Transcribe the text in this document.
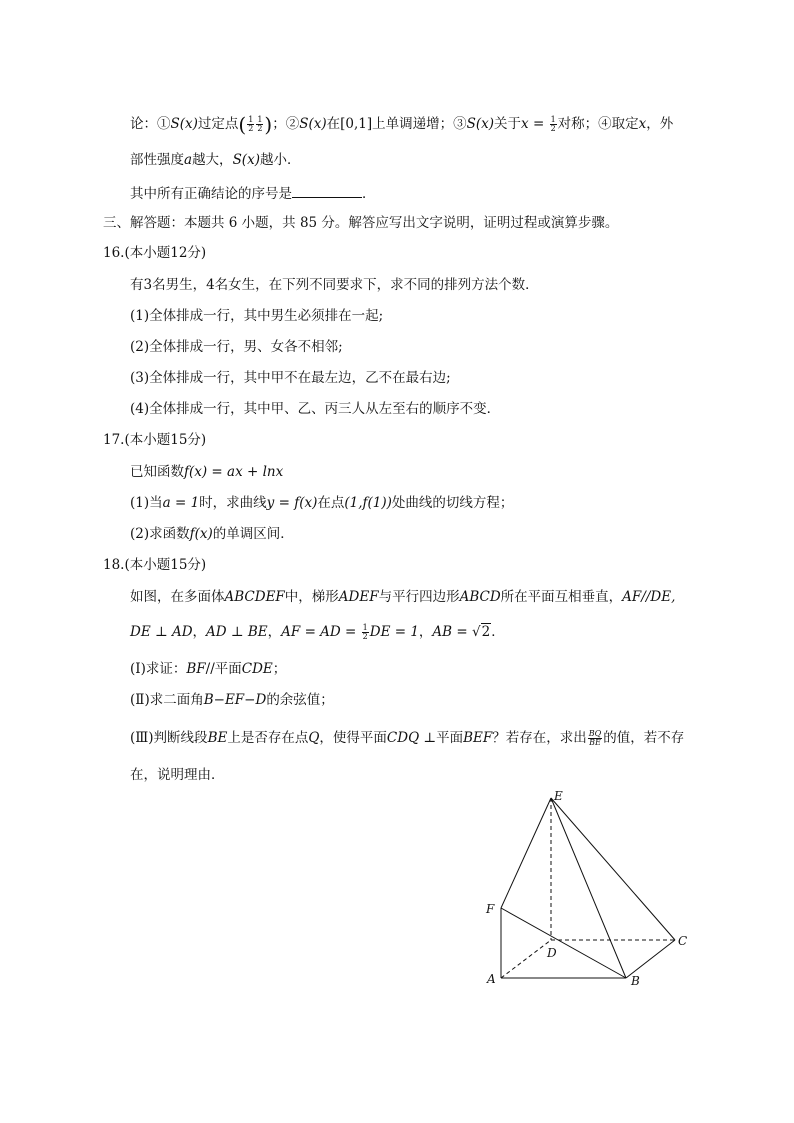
论：①S(x)过定点( $\frac{1}{2} \frac{1}{2}$ )；②S(x)在[0,1]上单调递增；③S(x)关于$x = \frac{1}{2}$ 对称；④取定x，外
部性强度a越大，S(x)越小．
其中所有正确结论的序号是	．
三、解答题：本题共 6 小题，共 85 分。解答应写出文字说明，证明过程或演算步骤。
16.(本小题12分)
有3名男生，4名女生，在下列不同要求下，求不同的排列方法个数．
(1)全体排成一行，其中男生必须排在一起;
(2)全体排成一行，男、女各不相邻;
(3)全体排成一行，其中甲不在最左边，乙不在最右边;
(4)全体排成一行，其中甲、乙、丙三人从左至右的顺序不变．
17.(本小题15分)
已知函数f(x) = ax + lnx
(1)当a = 1时，求曲线y = f(x)在点(1,f(1))处曲线的切线方程；
(2)求函数f(x)的单调区间．
18.(本小题15分)
如图，在多面体ABCDEF中，梯形ADEF与平行四边形ABCD所在平面互相垂直，AF//DE,
DE ⊥ AD，AD ⊥ BE，AF = AD = $\frac{1}{2}$ DE = 1，AB = √2．
(Ⅰ)求证：BF//平面CDE；
(Ⅱ)求二面角B−EF−D的余弦值；
(Ⅲ)判断线段BE上是否存在点Q，使得平面CDQ ⊥平面BEF？若存在，求出 $\frac{BQ}{BE}$ 的值，若不存
在，说明理由．
E
F
D
C
A	B
